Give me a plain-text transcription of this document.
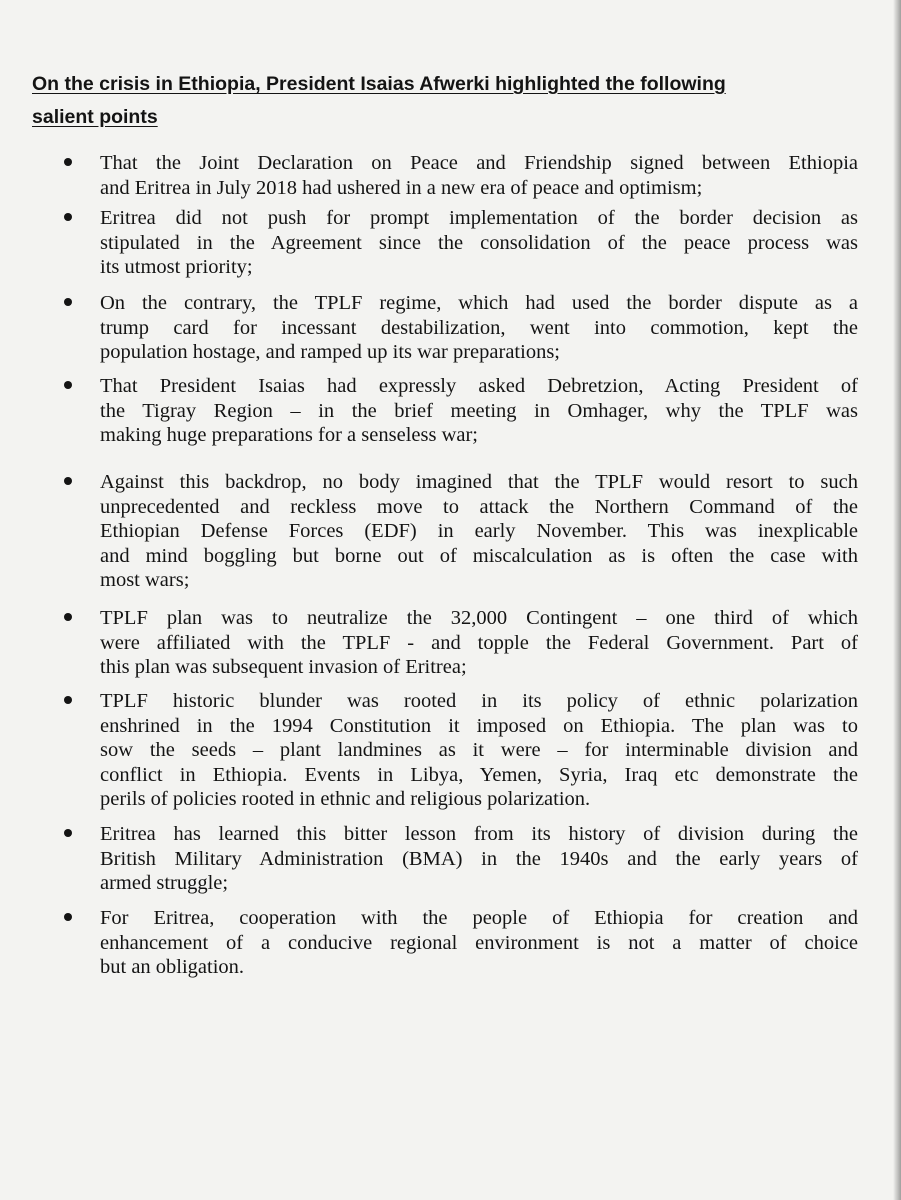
On the crisis in Ethiopia, President Isaias Afwerki highlighted the following
salient points
That the Joint Declaration on Peace and Friendship signed between Ethiopia
and Eritrea in July 2018 had ushered in a new era of peace and optimism;
Eritrea did not push for prompt implementation of the border decision as
stipulated in the Agreement since the consolidation of the peace process was
its utmost priority;
On the contrary, the TPLF regime, which had used the border dispute as a
trump card for incessant destabilization, went into commotion, kept the
population hostage, and ramped up its war preparations;
That President Isaias had expressly asked Debretzion, Acting President of
the Tigray Region – in the brief meeting in Omhager, why the TPLF was
making huge preparations for a senseless war;
Against this backdrop, no body imagined that the TPLF would resort to such
unprecedented and reckless move to attack the Northern Command of the
Ethiopian Defense Forces (EDF) in early November. This was inexplicable
and mind boggling but borne out of miscalculation as is often the case with
most wars;
TPLF plan was to neutralize the 32,000 Contingent – one third of which
were affiliated with the TPLF - and topple the Federal Government. Part of
this plan was subsequent invasion of Eritrea;
TPLF historic blunder was rooted in its policy of ethnic polarization
enshrined in the 1994 Constitution it imposed on Ethiopia. The plan was to
sow the seeds – plant landmines as it were – for interminable division and
conflict in Ethiopia. Events in Libya, Yemen, Syria, Iraq etc demonstrate the
perils of policies rooted in ethnic and religious polarization.
Eritrea has learned this bitter lesson from its history of division during the
British Military Administration (BMA) in the 1940s and the early years of
armed struggle;
For Eritrea, cooperation with the people of Ethiopia for creation and
enhancement of a conducive regional environment is not a matter of choice
but an obligation.
